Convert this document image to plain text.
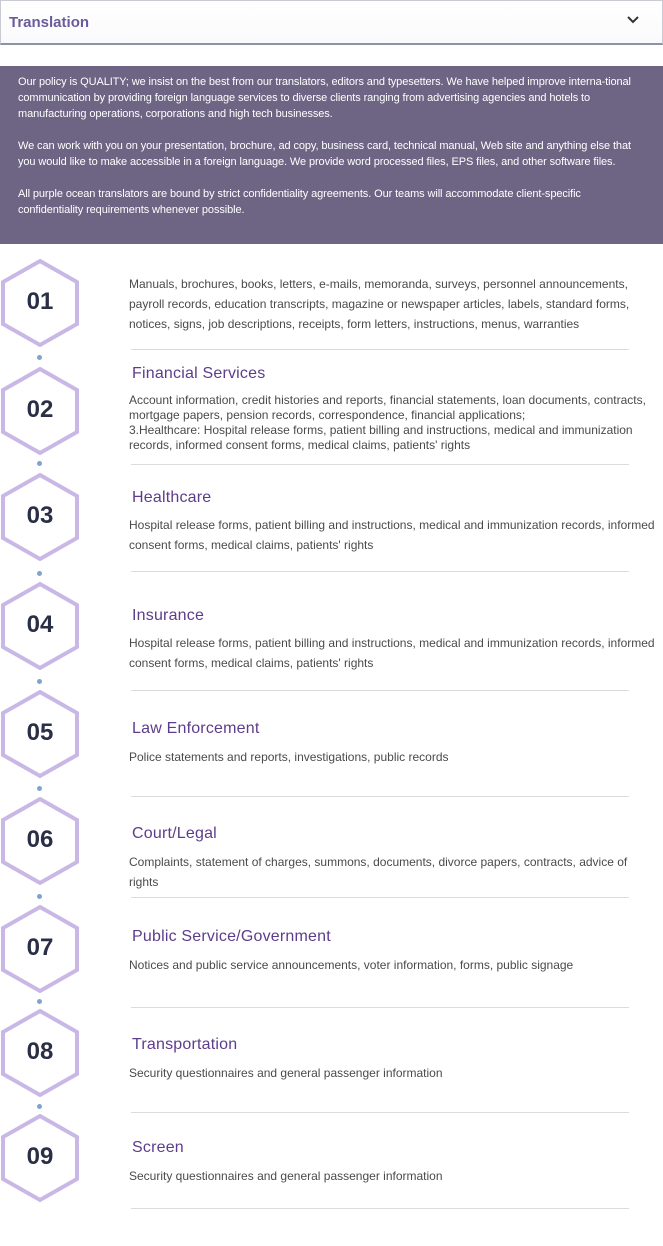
Translation

Our policy is QUALITY; we insist on the best from our translators, editors and typesetters. We have helped improve interna-tional communication by providing foreign language services to diverse clients ranging from advertising agencies and hotels to manufacturing operations, corporations and high tech businesses.

We can work with you on your presentation, brochure, ad copy, business card, technical manual, Web site and anything else that you would like to make accessible in a foreign language. We provide word processed files, EPS files, and other software files.

All purple ocean translators are bound by strict confidentiality agreements. Our teams will accommodate client-specific confidentiality requirements whenever possible.

01
Manuals, brochures, books, letters, e-mails, memoranda, surveys, personnel announcements, payroll records, education transcripts, magazine or newspaper articles, labels, standard forms, notices, signs, job descriptions, receipts, form letters, instructions, menus, warranties
02
Financial Services
Account information, credit histories and reports, financial statements, loan documents, contracts, mortgage papers, pension records, correspondence, financial applications;
3.Healthcare: Hospital release forms, patient billing and instructions, medical and immunization records, informed consent forms, medical claims, patients' rights
03
Healthcare
Hospital release forms, patient billing and instructions, medical and immunization records, informed consent forms, medical claims, patients' rights
04	Insurance
Hospital release forms, patient billing and instructions, medical and immunization records, informed consent forms, medical claims, patients' rights
05	Law Enforcement
Police statements and reports, investigations, public records
06	Court/Legal
Complaints, statement of charges, summons, documents, divorce papers, contracts, advice of rights
07	Public Service/Government
Notices and public service announcements, voter information, forms, public signage
08	Transportation
Security questionnaires and general passenger information
09	Screen
Security questionnaires and general passenger information
